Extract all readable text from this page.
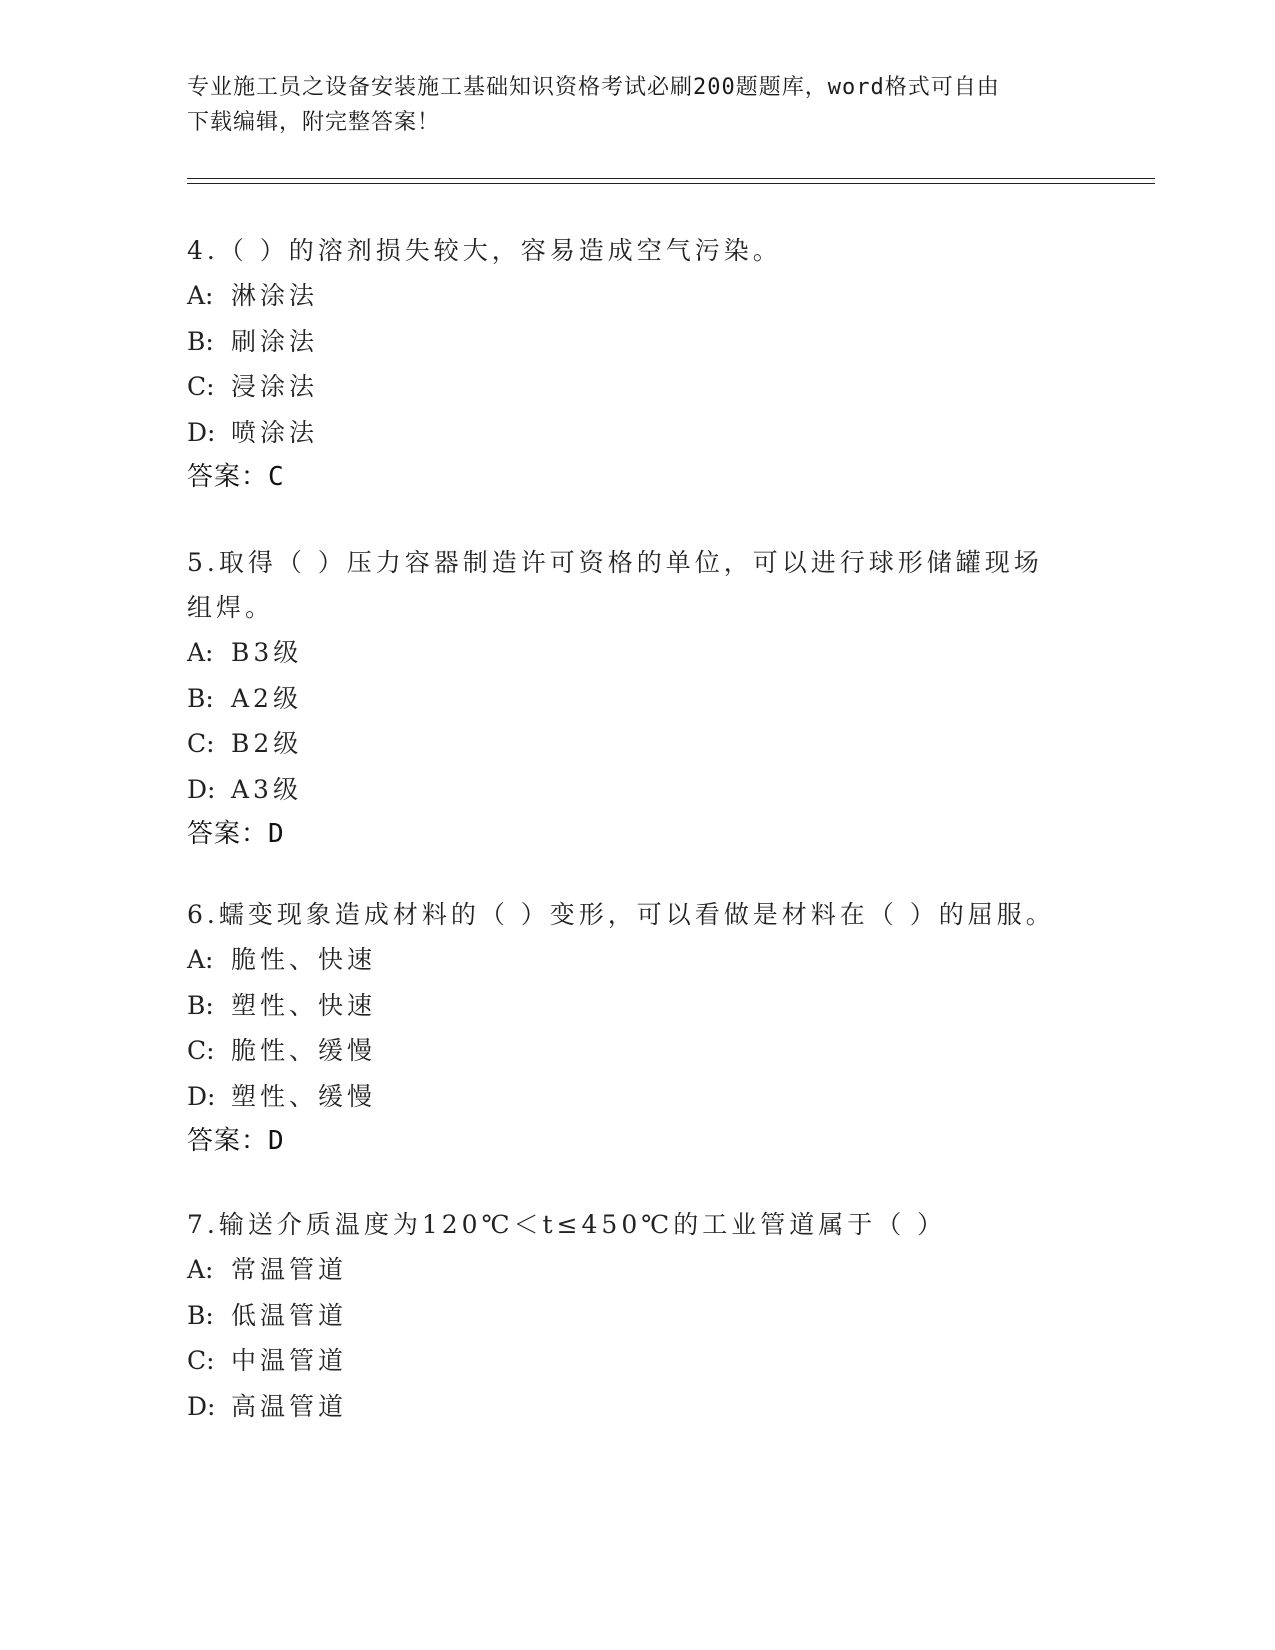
专业施工员之设备安装施工基础知识资格考试必刷200题题库，word格式可自由
下载编辑，附完整答案！

4.（ ）的溶剂损失较大，容易造成空气污染。

A: 淋涂法

B: 刷涂法

C: 浸涂法

D: 喷涂法

答案：C

5.取得（ ）压力容器制造许可资格的单位，可以进行球形储罐现场组焊。

A: B3级

B: A2级

C: B2级

D: A3级

答案：D

6.蠕变现象造成材料的（ ）变形，可以看做是材料在（ ）的屈服。

A: 脆性、快速

B: 塑性、快速

C: 脆性、缓慢

D: 塑性、缓慢

答案：D

7.输送介质温度为120℃＜t≤450℃的工业管道属于（ ）

A: 常温管道

B: 低温管道

C: 中温管道

D: 高温管道
